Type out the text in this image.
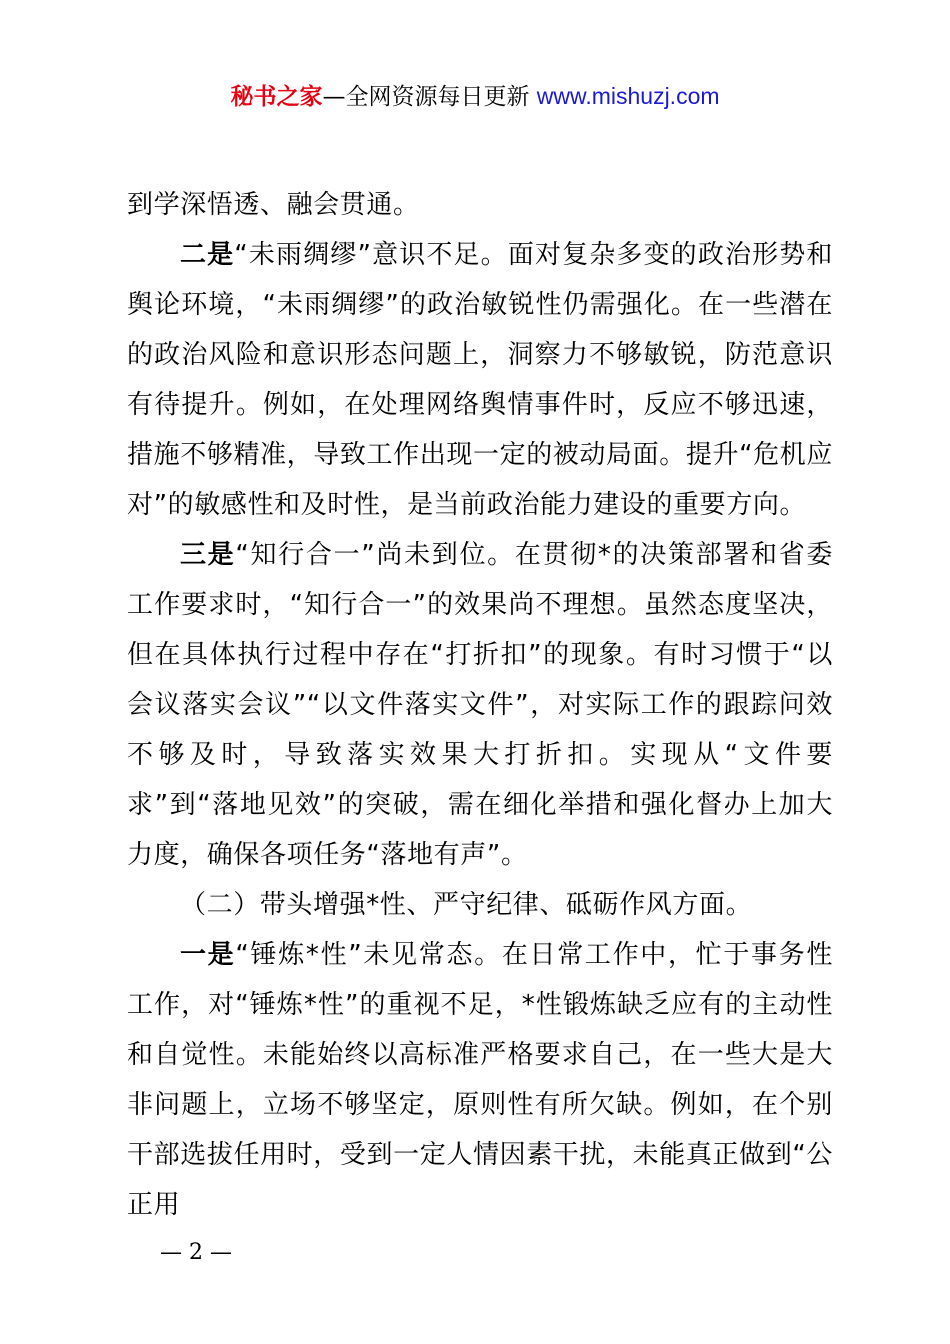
秘书之家—全网资源每日更新 www.mishuzj.com

到学深悟透、融会贯通。

二是“未雨绸缪”意识不足。面对复杂多变的政治形势和舆论环境，“未雨绸缪”的政治敏锐性仍需强化。在一些潜在的政治风险和意识形态问题上，洞察力不够敏锐，防范意识有待提升。例如，在处理网络舆情事件时，反应不够迅速，措施不够精准，导致工作出现一定的被动局面。提升“危机应对”的敏感性和及时性，是当前政治能力建设的重要方向。

三是“知行合一”尚未到位。在贯彻*的决策部署和省委工作要求时，“知行合一”的效果尚不理想。虽然态度坚决，但在具体执行过程中存在“打折扣”的现象。有时习惯于“以会议落实会议”“以文件落实文件”，对实际工作的跟踪问效不够及时，导致落实效果大打折扣。实现从“文件要求”到“落地见效”的突破，需在细化举措和强化督办上加大力度，确保各项任务“落地有声”。

（二）带头增强*性、严守纪律、砥砺作风方面。

一是“锤炼*性”未见常态。在日常工作中，忙于事务性工作，对“锤炼*性”的重视不足，*性锻炼缺乏应有的主动性和自觉性。未能始终以高标准严格要求自己，在一些大是大非问题上，立场不够坚定，原则性有所欠缺。例如，在个别干部选拔任用时，受到一定人情因素干扰，未能真正做到“公正用

— 2 —
